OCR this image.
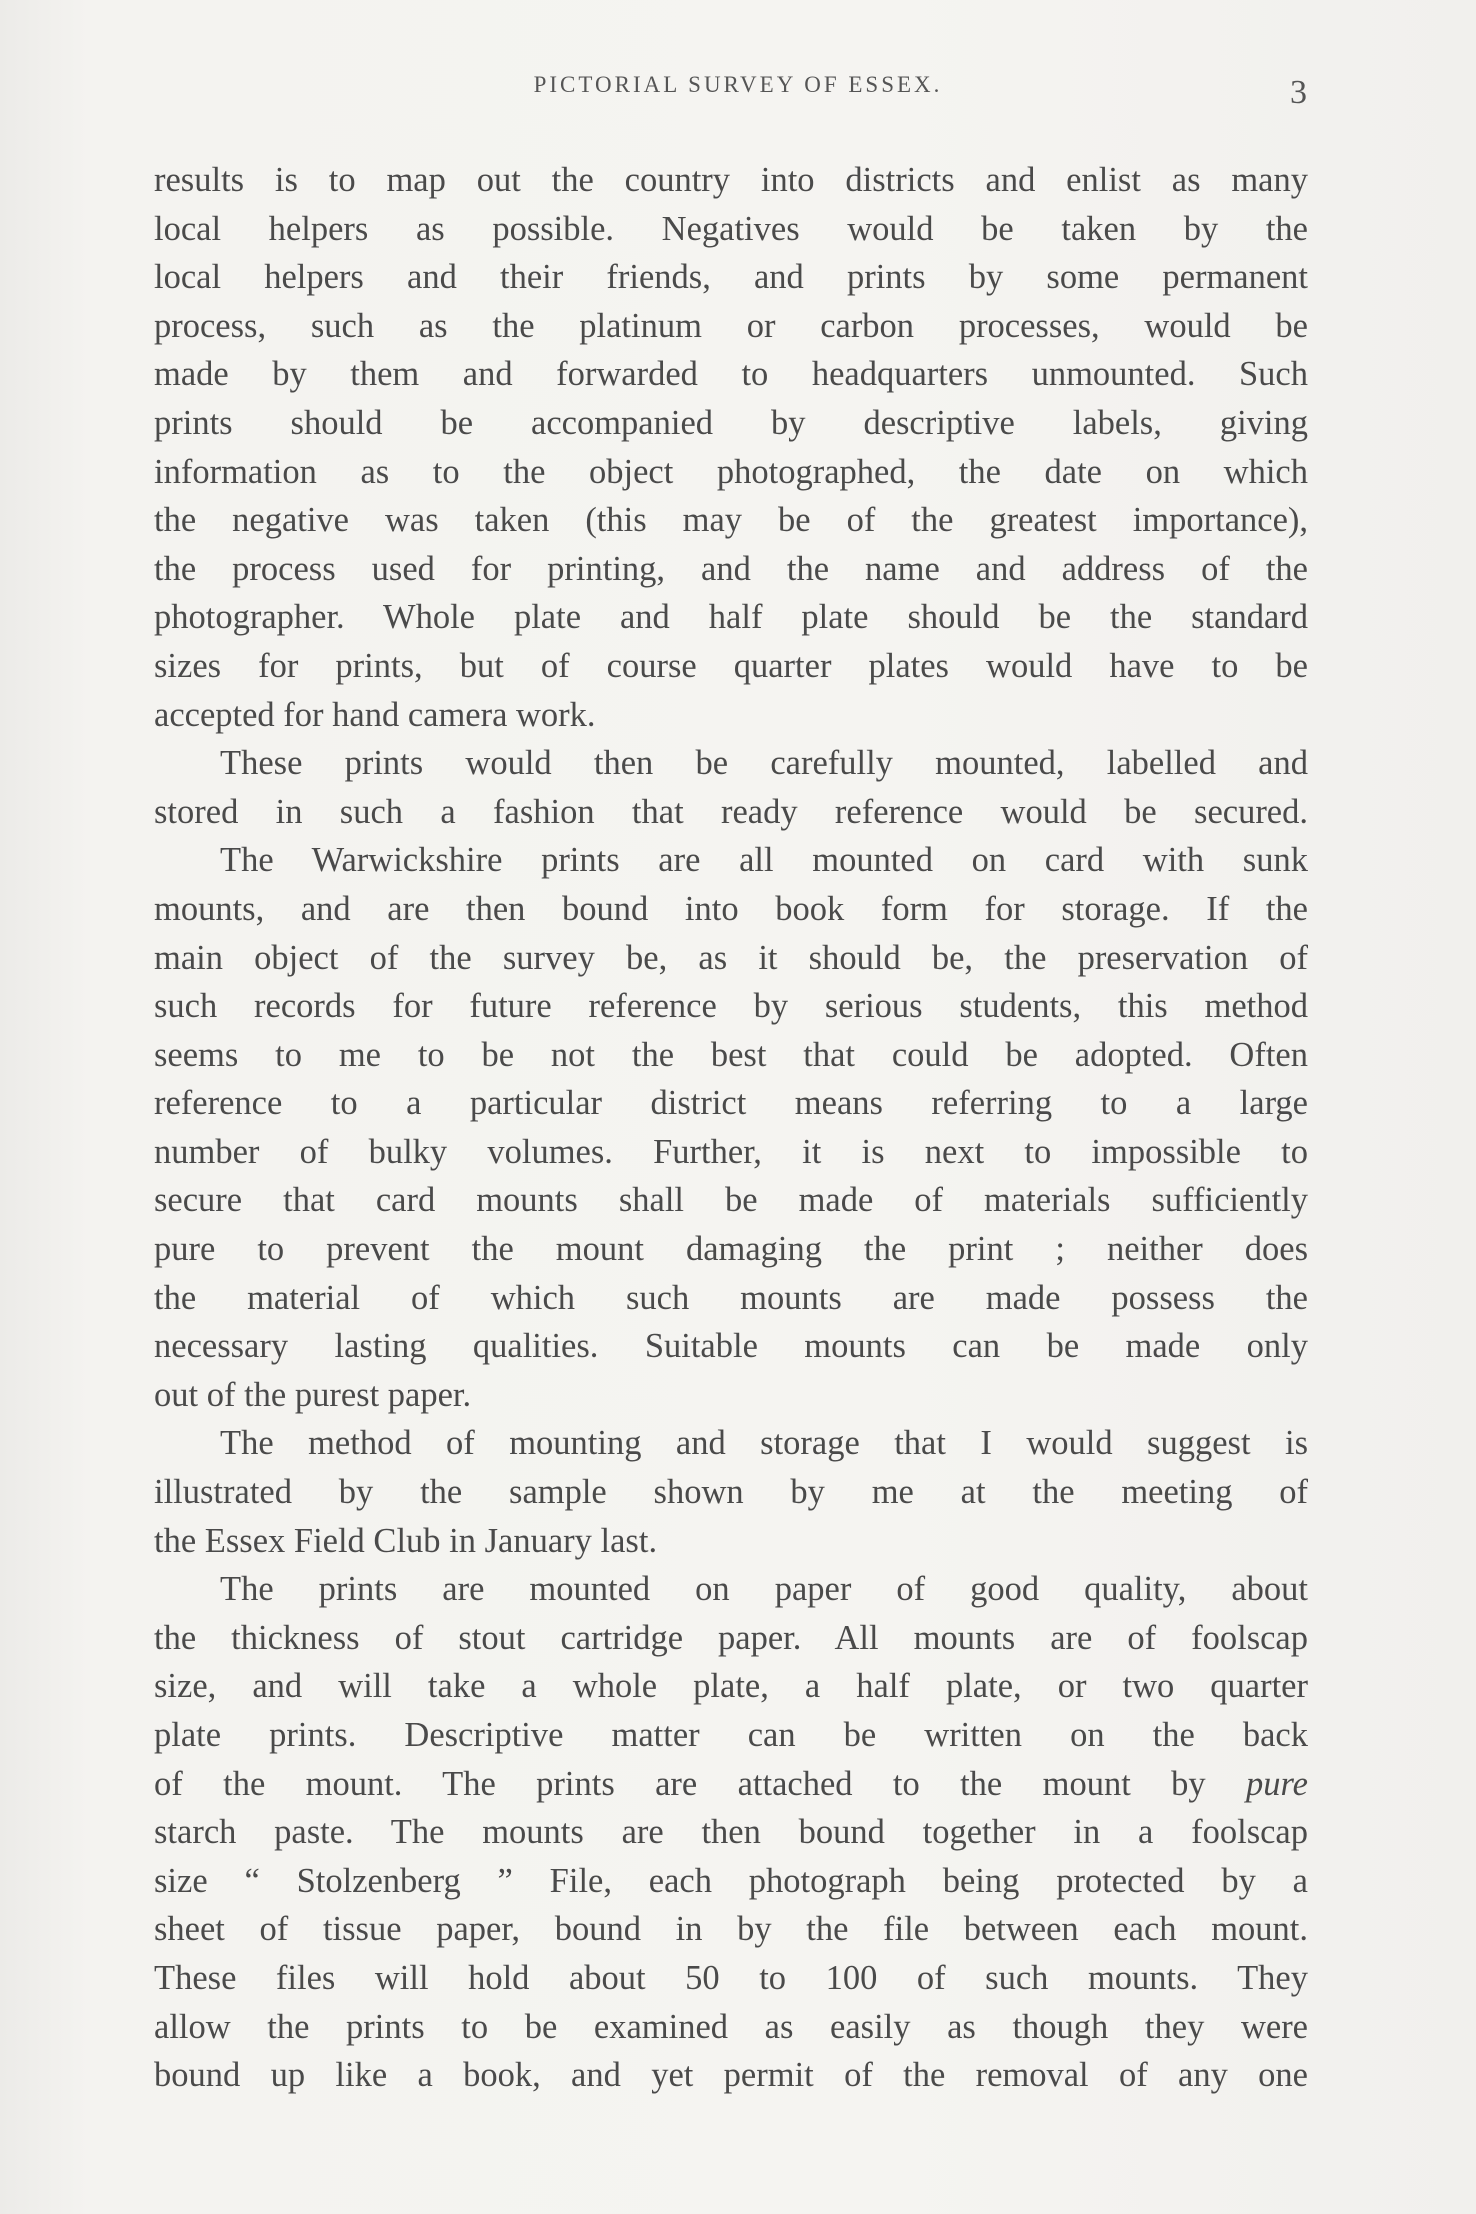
PICTORIAL SURVEY OF ESSEX.	3
results is to map out the country into districts and enlist as many
local helpers as possible. Negatives would be taken by the
local helpers and their friends, and prints by some permanent
process, such as the platinum or carbon processes, would be
made by them and forwarded to headquarters unmounted. Such
prints should be accompanied by descriptive labels, giving
information as to the object photographed, the date on which
the negative was taken (this may be of the greatest importance),
the process used for printing, and the name and address of the
photographer. Whole plate and half plate should be the standard
sizes for prints, but of course quarter plates would have to be
accepted for hand camera work.
These prints would then be carefully mounted, labelled and
stored in such a fashion that ready reference would be secured.
The Warwickshire prints are all mounted on card with sunk
mounts, and are then bound into book form for storage. If the
main object of the survey be, as it should be, the preservation of
such records for future reference by serious students, this method
seems to me to be not the best that could be adopted. Often
reference to a particular district means referring to a large
number of bulky volumes. Further, it is next to impossible to
secure that card mounts shall be made of materials sufficiently
pure to prevent the mount damaging the print ; neither does
the material of which such mounts are made possess the
necessary lasting qualities. Suitable mounts can be made only
out of the purest paper.
The method of mounting and storage that I would suggest is
illustrated by the sample shown by me at the meeting of
the Essex Field Club in January last.
The prints are mounted on paper of good quality, about
the thickness of stout cartridge paper. All mounts are of foolscap
size, and will take a whole plate, a half plate, or two quarter
plate prints. Descriptive matter can be written on the back
of the mount. The prints are attached to the mount by pure
starch paste. The mounts are then bound together in a foolscap
size “ Stolzenberg ” File, each photograph being protected by a
sheet of tissue paper, bound in by the file between each mount.
These files will hold about 50 to 100 of such mounts. They
allow the prints to be examined as easily as though they were
bound up like a book, and yet permit of the removal of any one
